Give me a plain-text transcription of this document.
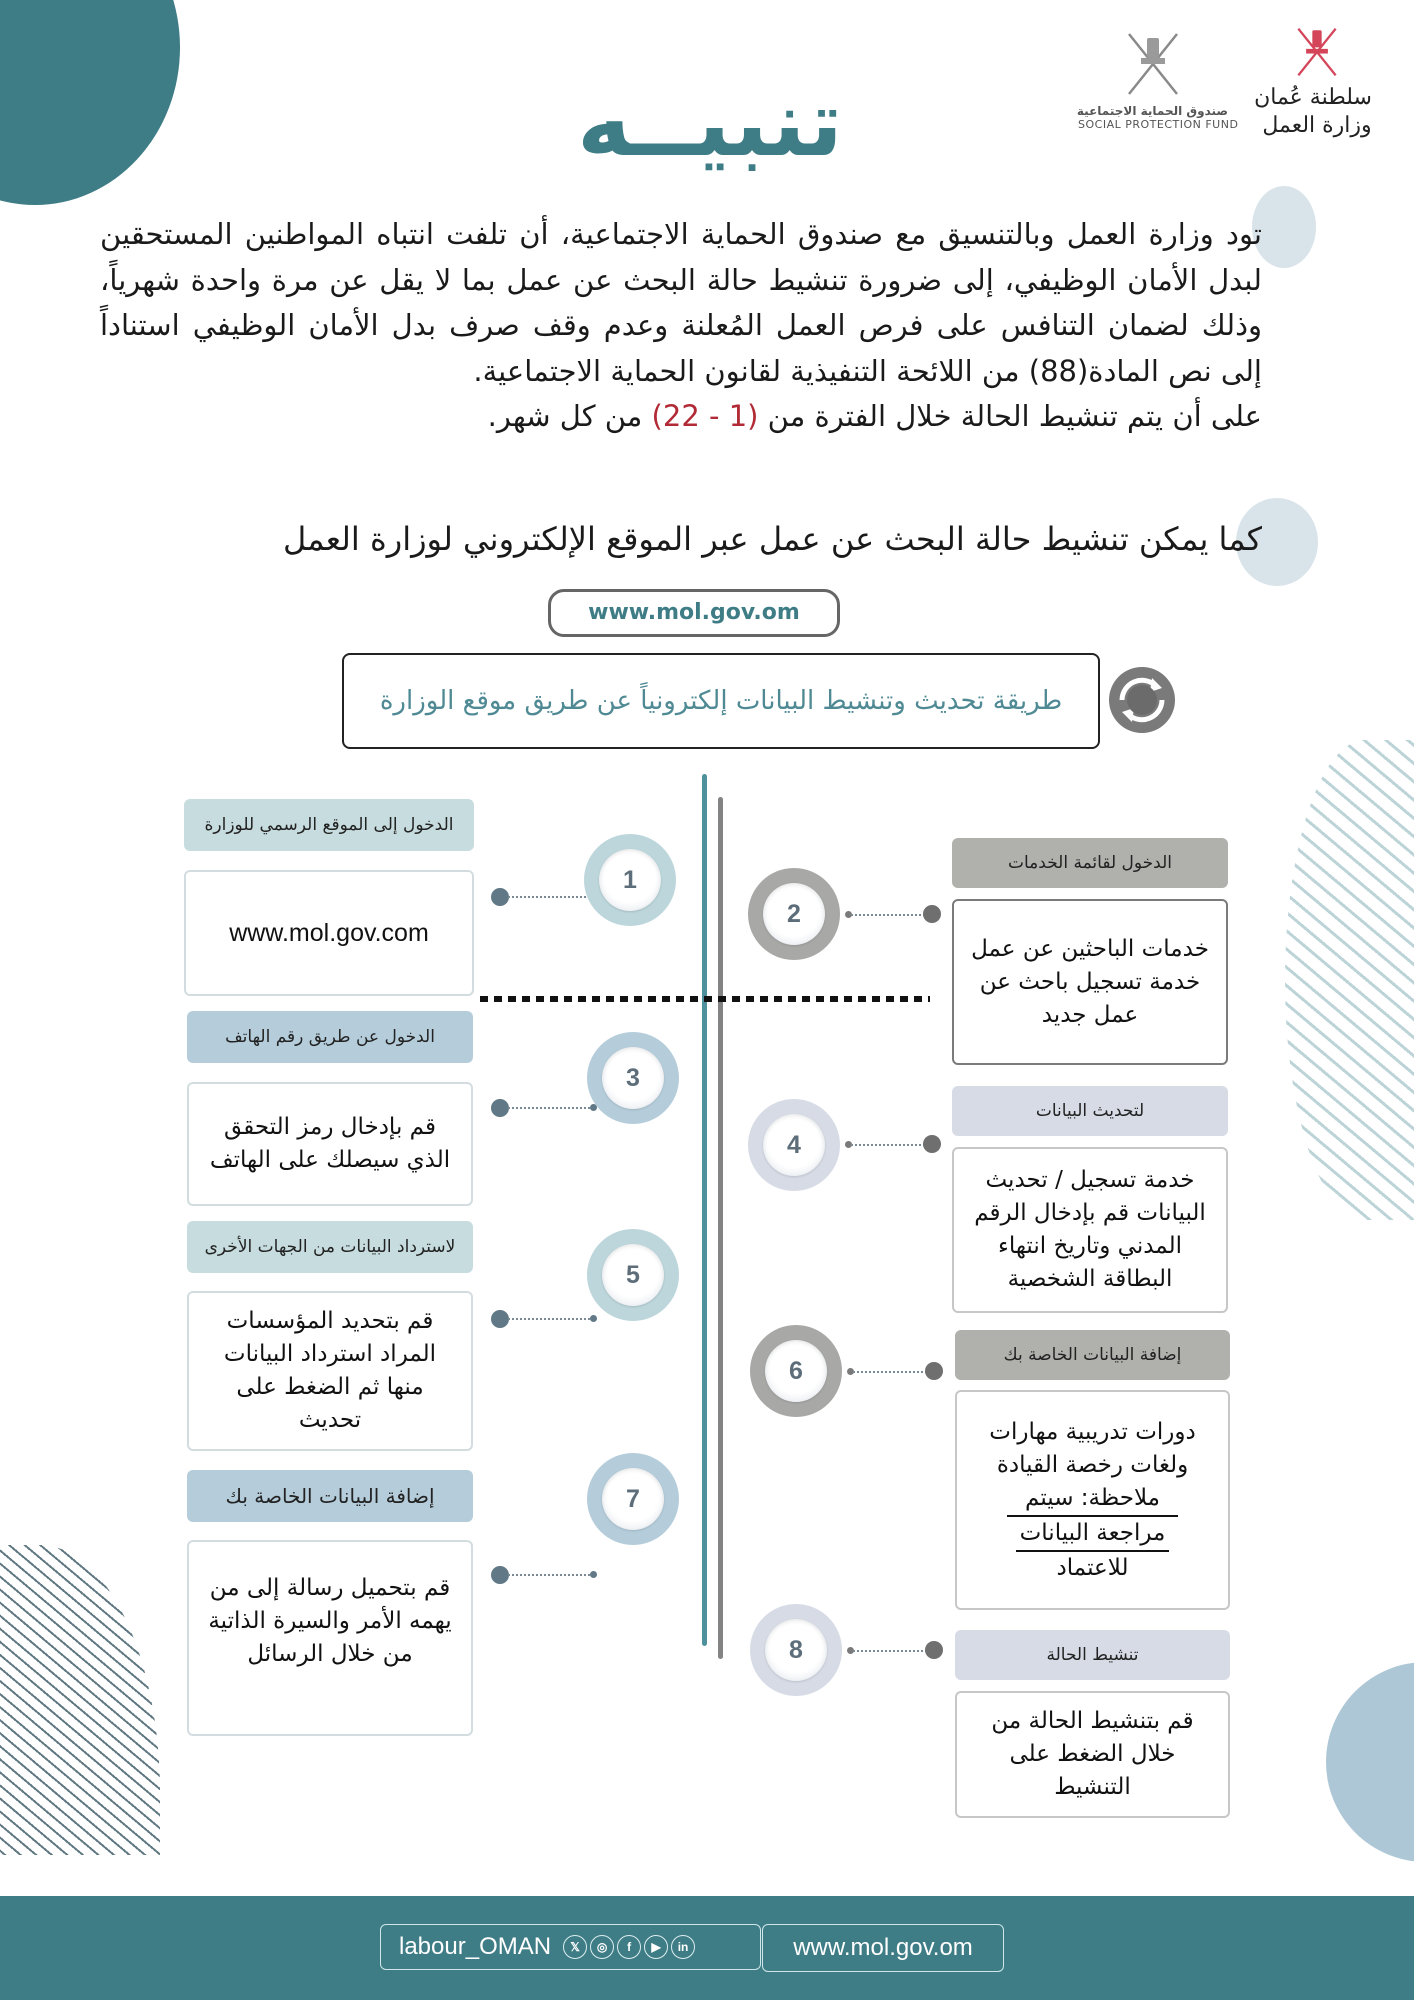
صندوق الحماية الاجتماعية
SOCIAL PROTECTION FUND
سلطنة عُمان
وزارة العمل
تنبيــه

تود وزارة العمل وبالتنسيق مع صندوق الحماية الاجتماعية، أن تلفت انتباه المواطنين المستحقين لبدل الأمان الوظيفي، إلى ضرورة تنشيط حالة البحث عن عمل بما لا يقل عن مرة واحدة شهرياً، وذلك لضمان التنافس على فرص العمل المُعلنة وعدم وقف صرف بدل الأمان الوظيفي استناداً إلى نص المادة(88) من اللائحة التنفيذية لقانون الحماية الاجتماعية.

على أن يتم تنشيط الحالة خلال الفترة من (1 - 22) من كل شهر.

كما يمكن تنشيط حالة البحث عن عمل عبر الموقع الإلكتروني لوزارة العمل
www.mol.gov.om
طريقة تحديث وتنشيط البيانات إلكترونياً عن طريق موقع الوزارة
الدخول إلى الموقع الرسمي للوزارة
www.mol.gov.com
1
الدخول عن طريق رقم الهاتف
قم بإدخال رمز التحقق الذي سيصلك على الهاتف
3
لاسترداد البيانات من الجهات الأخرى
قم بتحديد المؤسسات المراد استرداد البيانات منها ثم الضغط على تحديث
5
إضافة البيانات الخاصة بك
قم بتحميل رسالة إلى من يهمه الأمر والسيرة الذاتية من خلال الرسائل
7
2
الدخول لقائمة الخدمات
خدمات الباحثين عن عمل خدمة تسجيل باحث عن عمل جديد
4
لتحديث البيانات
خدمة تسجيل / تحديث البيانات قم بإدخال الرقم المدني وتاريخ انتهاء البطاقة الشخصية
6
إضافة البيانات الخاصة بك
دورات تدريبية مهارات ولغات رخصة القيادة
ملاحظة: سيتم
مراجعة البيانات
للاعتماد
8	تنشيط الحالة
قم بتنشيط الحالة من خلال الضغط على التنشيط
labour_OMAN	𝕏	◎	f	▶	in	www.mol.gov.om
